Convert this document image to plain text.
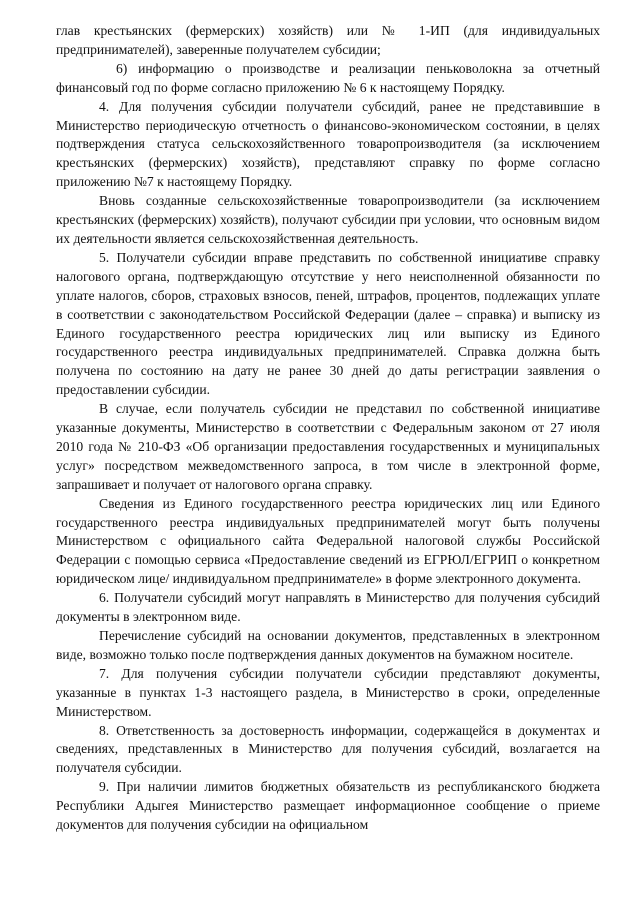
глав крестьянских (фермерских) хозяйств) или № 1-ИП (для индивидуальных предпринимателей), заверенные получателем субсидии;

6) информацию о производстве и реализации пеньковолокна за отчетный финансовый год по форме согласно приложению № 6 к настоящему Порядку.

4. Для получения субсидии получатели субсидий, ранее не представившие в Министерство периодическую отчетность о финансово-экономическом состоянии, в целях подтверждения статуса сельскохозяйственного товаропроизводителя (за исключением крестьянских (фермерских) хозяйств), представляют справку по форме согласно приложению №7 к настоящему Порядку.

Вновь созданные сельскохозяйственные товаропроизводители (за исключением крестьянских (фермерских) хозяйств), получают субсидии при условии, что основным видом их деятельности является сельскохозяйственная деятельность.

5. Получатели субсидии вправе представить по собственной инициативе справку налогового органа, подтверждающую отсутствие у него неисполненной обязанности по уплате налогов, сборов, страховых взносов, пеней, штрафов, процентов, подлежащих уплате в соответствии с законодательством Российской Федерации (далее – справка) и выписку из Единого государственного реестра юридических лиц или выписку из Единого государственного реестра индивидуальных предпринимателей. Справка должна быть получена по состоянию на дату не ранее 30 дней до даты регистрации заявления о предоставлении субсидии.

В случае, если получатель субсидии не представил по собственной инициативе указанные документы, Министерство в соответствии с Федеральным законом от 27 июля 2010 года № 210-ФЗ «Об организации предоставления государственных и муниципальных услуг» посредством межведомственного запроса, в том числе в электронной форме, запрашивает и получает от налогового органа справку.

Сведения из Единого государственного реестра юридических лиц или Единого государственного реестра индивидуальных предпринимателей могут быть получены Министерством с официального сайта Федеральной налоговой службы Российской Федерации с помощью сервиса «Предоставление сведений из ЕГРЮЛ/ЕГРИП о конкретном юридическом лице/ индивидуальном предпринимателе» в форме электронного документа.

6. Получатели субсидий могут направлять в Министерство для получения субсидий документы в электронном виде.

Перечисление субсидий на основании документов, представленных в электронном виде, возможно только после подтверждения данных документов на бумажном носителе.

7. Для получения субсидии получатели субсидии представляют документы, указанные в пунктах 1-3 настоящего раздела, в Министерство в сроки, определенные Министерством.

8. Ответственность за достоверность информации, содержащейся в документах и сведениях, представленных в Министерство для получения субсидий, возлагается на получателя субсидии.

9. При наличии лимитов бюджетных обязательств из республиканского бюджета Республики Адыгея Министерство размещает информационное сообщение о приеме документов для получения субсидии на официальном
